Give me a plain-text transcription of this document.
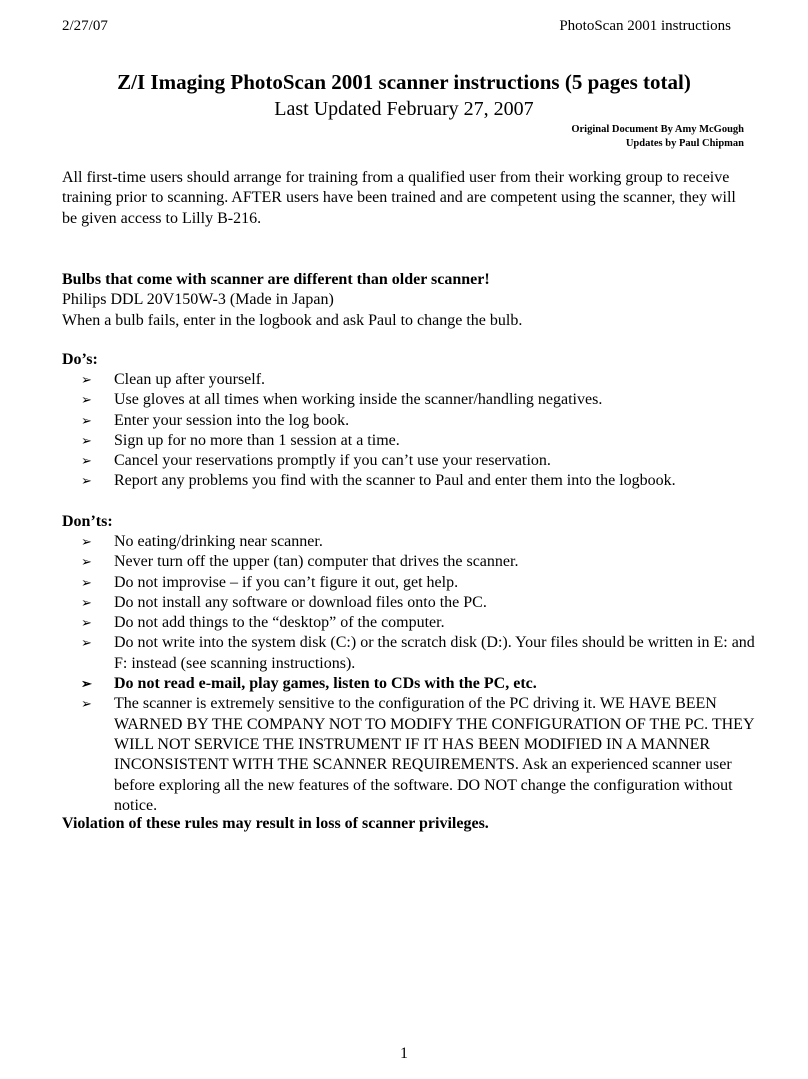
2/27/07	PhotoScan 2001 instructions
Z/I Imaging PhotoScan 2001 scanner instructions (5 pages total)
Last Updated February 27, 2007
Original Document By Amy McGough
Updates by Paul Chipman

All first-time users should arrange for training from a qualified user from their working group to receive training prior to scanning. AFTER users have been trained and are competent using the scanner, they will be given access to Lilly B-216.

Bulbs that come with scanner are different than older scanner!
Philips DDL 20V150W-3 (Made in Japan)
When a bulb fails, enter in the logbook and ask Paul to change the bulb.
Do’s:
➢ Clean up after yourself.
➢ Use gloves at all times when working inside the scanner/handling negatives.
➢ Enter your session into the log book.
➢ Sign up for no more than 1 session at a time.
➢ Cancel your reservations promptly if you can’t use your reservation.
➢ Report any problems you find with the scanner to Paul and enter them into the logbook.
Don’ts:
➢ No eating/drinking near scanner.
➢ Never turn off the upper (tan) computer that drives the scanner.
➢ Do not improvise – if you can’t figure it out, get help.
➢ Do not install any software or download files onto the PC.
➢ Do not add things to the “desktop” of the computer.
➢ Do not write into the system disk (C:) or the scratch disk (D:). Your files should be written in E: and F: instead (see scanning instructions).
➢ Do not read e-mail, play games, listen to CDs with the PC, etc.
➢ The scanner is extremely sensitive to the configuration of the PC driving it. WE HAVE BEEN WARNED BY THE COMPANY NOT TO MODIFY THE CONFIGURATION OF THE PC. THEY WILL NOT SERVICE THE INSTRUMENT IF IT HAS BEEN MODIFIED IN A MANNER INCONSISTENT WITH THE SCANNER REQUIREMENTS. Ask an experienced scanner user before exploring all the new features of the software. DO NOT change the configuration without notice.
Violation of these rules may result in loss of scanner privileges.
1
